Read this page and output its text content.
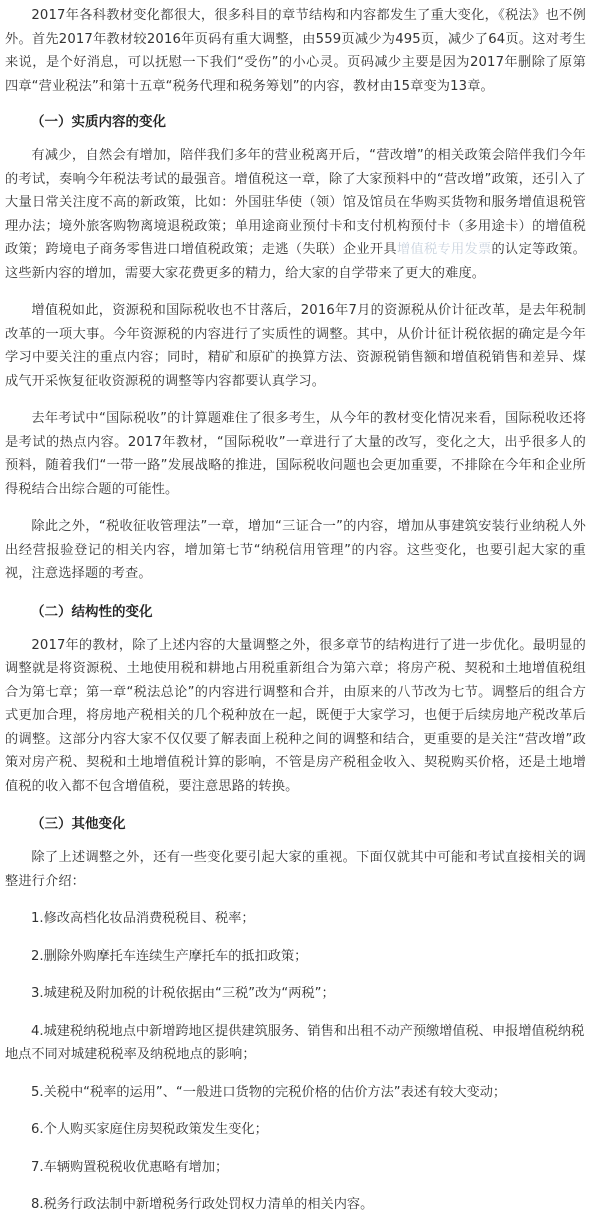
2017年各科教材变化都很大，很多科目的章节结构和内容都发生了重大变化，《税法》也不例外。首先2017年教材较2016年页码有重大调整，由559页减少为495页，减少了64页。这对考生来说，是个好消息，可以抚慰一下我们“受伤”的小心灵。页码减少主要是因为2017年删除了原第四章“营业税法”和第十五章“税务代理和税务筹划”的内容，教材由15章变为13章。

（一）实质内容的变化

有减少，自然会有增加，陪伴我们多年的营业税离开后，“营改增”的相关政策会陪伴我们今年的考试，奏响今年税法考试的最强音。增值税这一章，除了大家预料中的“营改增”政策，还引入了大量日常关注度不高的新政策，比如：外国驻华使（领）馆及馆员在华购买货物和服务增值退税管理办法；境外旅客购物离境退税政策；单用途商业预付卡和支付机构预付卡（多用途卡）的增值税政策；跨境电子商务零售进口增值税政策；走逃（失联）企业开具增值税专用发票的认定等政策。这些新内容的增加，需要大家花费更多的精力，给大家的自学带来了更大的难度。

增值税如此，资源税和国际税收也不甘落后，2016年7月的资源税从价计征改革，是去年税制改革的一项大事。今年资源税的内容进行了实质性的调整。其中，从价计征计税依据的确定是今年学习中要关注的重点内容；同时，精矿和原矿的换算方法、资源税销售额和增值税销售和差异、煤成气开采恢复征收资源税的调整等内容都要认真学习。

去年考试中“国际税收”的计算题难住了很多考生，从今年的教材变化情况来看，国际税收还将是考试的热点内容。2017年教材，“国际税收”一章进行了大量的改写，变化之大，出乎很多人的预料，随着我们“一带一路”发展战略的推进，国际税收问题也会更加重要，不排除在今年和企业所得税结合出综合题的可能性。

除此之外，“税收征收管理法”一章，增加“三证合一”的内容，增加从事建筑安装行业纳税人外出经营报验登记的相关内容，增加第七节“纳税信用管理”的内容。这些变化，也要引起大家的重视，注意选择题的考查。

（二）结构性的变化

2017年的教材，除了上述内容的大量调整之外，很多章节的结构进行了进一步优化。最明显的调整就是将资源税、土地使用税和耕地占用税重新组合为第六章；将房产税、契税和土地增值税组合为第七章；第一章“税法总论”的内容进行调整和合并，由原来的八节改为七节。调整后的组合方式更加合理，将房地产税相关的几个税种放在一起，既便于大家学习，也便于后续房地产税改革后的调整。这部分内容大家不仅仅要了解表面上税种之间的调整和结合，更重要的是关注“营改增”政策对房产税、契税和土地增值税计算的影响，不管是房产税租金收入、契税购买价格，还是土地增值税的收入都不包含增值税，要注意思路的转换。

（三）其他变化

除了上述调整之外，还有一些变化要引起大家的重视。下面仅就其中可能和考试直接相关的调整进行介绍：

1.修改高档化妆品消费税税目、税率；
2.删除外购摩托车连续生产摩托车的抵扣政策；
3.城建税及附加税的计税依据由“三税”改为“两税”；
4.城建税纳税地点中新增跨地区提供建筑服务、销售和出租不动产预缴增值税、申报增值税纳税地点不同对城建税税率及纳税地点的影响；
5.关税中“税率的运用”、“一般进口货物的完税价格的估价方法”表述有较大变动；
6.个人购买家庭住房契税政策发生变化；
7.车辆购置税税收优惠略有增加；
8.税务行政法制中新增税务行政处罚权力清单的相关内容。
